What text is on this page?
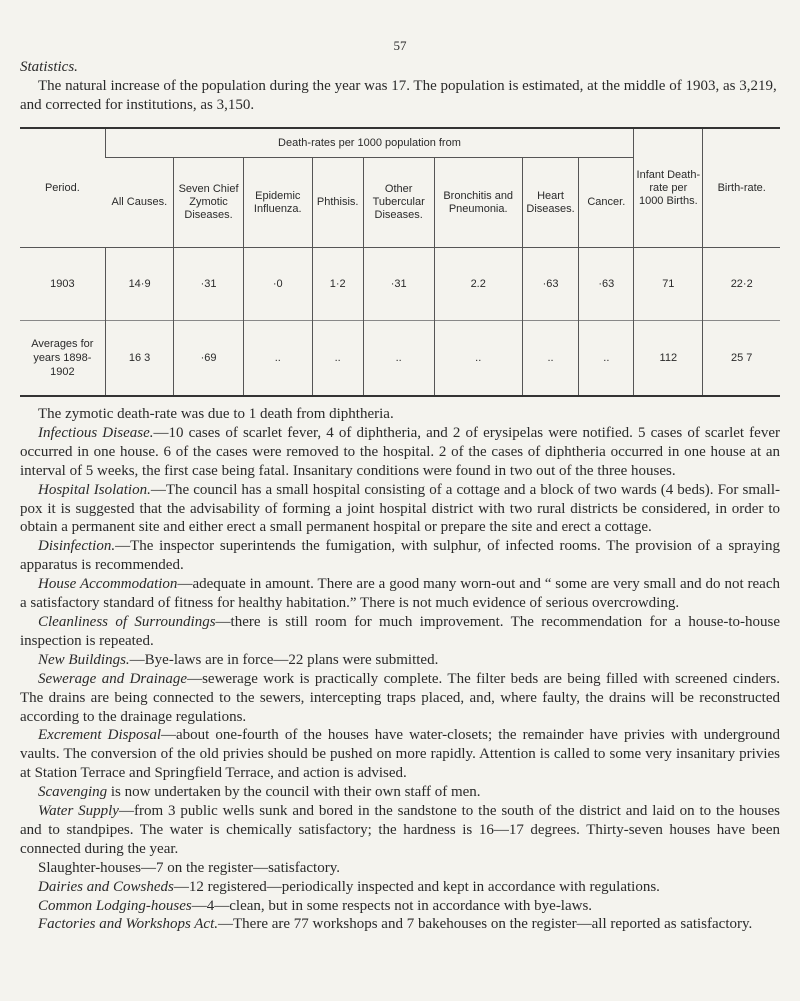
57

Statistics.

The natural increase of the population during the year was 17. The population is estimated, at the middle of 1903, as 3,219, and corrected for institutions, as 3,150.

Period.	Death-rates per 1000 population from								Infant Death-rate per 1000 Births.	Birth-rate.
	All Causes.	Seven Chief Zymotic Diseases.	Epidemic Influenza.	Phthisis.	Other Tubercular Diseases.	Bronchitis and Pneumonia.	Heart Diseases.	Cancer.		
1903	14·9	·31	·0	1·2	·31	2.2	·63	·63	71	22·2
Averages for years 1898-1902	16 3	·69	..	..	..	..	..	..	112	25 7

The zymotic death-rate was due to 1 death from diphtheria.

Infectious Disease.—10 cases of scarlet fever, 4 of diphtheria, and 2 of erysipelas were notified. 5 cases of scarlet fever occurred in one house. 6 of the cases were removed to the hospital. 2 of the cases of diphtheria occurred in one house at an interval of 5 weeks, the first case being fatal. Insanitary conditions were found in two out of the three houses.

Hospital Isolation.—The council has a small hospital consisting of a cottage and a block of two wards (4 beds). For small-pox it is suggested that the advisability of forming a joint hospital district with two rural districts be considered, in order to obtain a permanent site and either erect a small permanent hospital or prepare the site and erect a cottage.

Disinfection.—The inspector superintends the fumigation, with sulphur, of infected rooms. The provision of a spraying apparatus is recommended.

House Accommodation—adequate in amount. There are a good many worn-out and “ some are very small and do not reach a satisfactory standard of fitness for healthy habitation.” There is not much evidence of serious overcrowding.

Cleanliness of Surroundings—there is still room for much improvement. The recommendation for a house-to-house inspection is repeated.

New Buildings.—Bye-laws are in force—22 plans were submitted.

Sewerage and Drainage—sewerage work is practically complete. The filter beds are being filled with screened cinders. The drains are being connected to the sewers, intercepting traps placed, and, where faulty, the drains will be reconstructed according to the drainage regulations.

Excrement Disposal—about one-fourth of the houses have water-closets; the remainder have privies with underground vaults. The conversion of the old privies should be pushed on more rapidly. Attention is called to some very insanitary privies at Station Terrace and Springfield Terrace, and action is advised.

Scavenging is now undertaken by the council with their own staff of men.

Water Supply—from 3 public wells sunk and bored in the sandstone to the south of the district and laid on to the houses and to standpipes. The water is chemically satisfactory; the hardness is 16—17 degrees. Thirty-seven houses have been connected during the year.

Slaughter-houses—7 on the register—satisfactory.

Dairies and Cowsheds—12 registered—periodically inspected and kept in accordance with regulations.

Common Lodging-houses—4—clean, but in some respects not in accordance with bye-laws.

Factories and Workshops Act.—There are 77 workshops and 7 bakehouses on the register—all reported as satisfactory.
